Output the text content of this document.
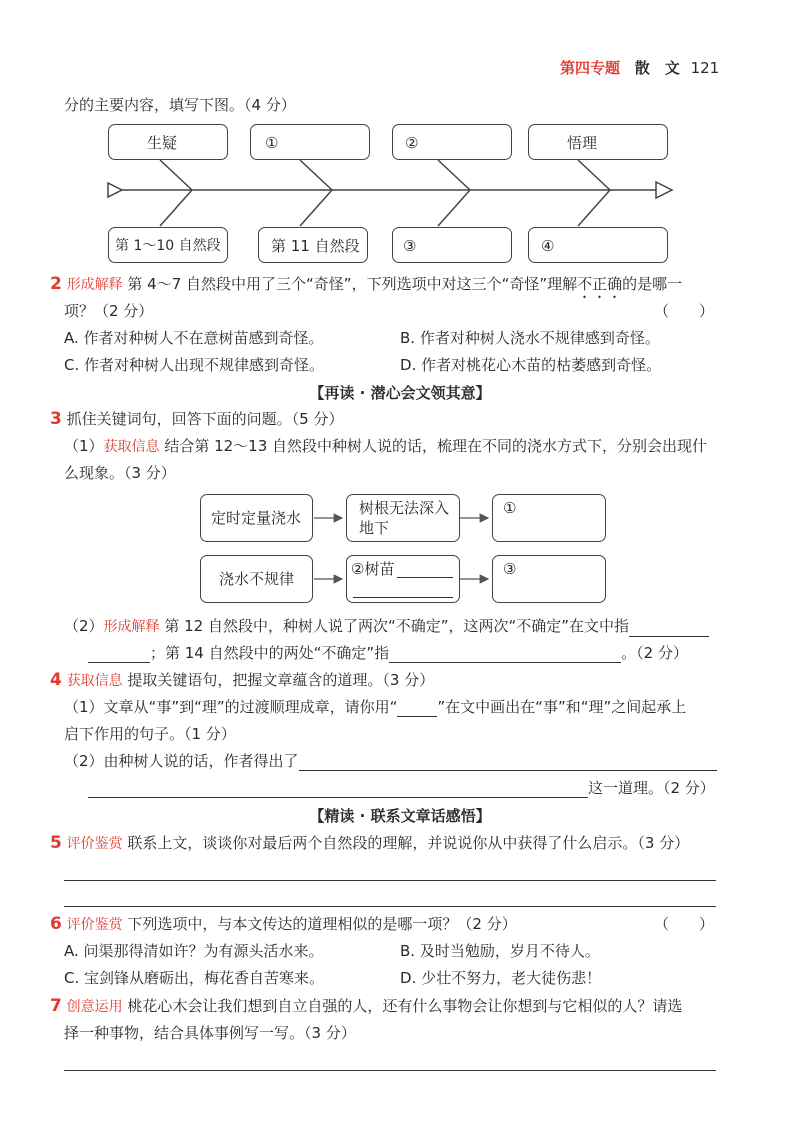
第四专题 散　文 121
分的主要内容，填写下图。（4 分）
生疑	①	②	悟理
第 1～10 自然段	第 11 自然段	③	④
2 形成解释 第 4～7 自然段中用了三个“奇怪”，下列选项中对这三个“奇怪”理解不正确的是哪一
项？（2 分）	（　　）
A. 作者对种树人不在意树苗感到奇怪。	B. 作者对种树人浇水不规律感到奇怪。
C. 作者对种树人出现不规律感到奇怪。	D. 作者对桃花心木苗的枯萎感到奇怪。
【再读 · 潜心会文领其意】
3 抓住关键词句，回答下面的问题。（5 分）
（1）获取信息 结合第 12～13 自然段中种树人说的话，梳理在不同的浇水方式下，分别会出现什
么现象。（3 分）
定时定量浇水
树根无法深入地下
①
浇水不规律
②树苗	③
（2）形成解释 第 12 自然段中，种树人说了两次“不确定”，这两次“不确定”在文中指
；第 14 自然段中的两处“不确定”指	。（2 分）
4 获取信息 提取关键语句，把握文章蕴含的道理。（3 分）
（1）文章从“事”到“理”的过渡顺理成章，请你用“	”在文中画出在“事”和“理”之间起承上
启下作用的句子。（1 分）
（2）由种树人说的话，作者得出了
这一道理。（2 分）
【精读 · 联系文章话感悟】
5 评价鉴赏 联系上文，谈谈你对最后两个自然段的理解，并说说你从中获得了什么启示。（3 分）
6 评价鉴赏 下列选项中，与本文传达的道理相似的是哪一项？（2 分）	（　　）
A. 问渠那得清如许？为有源头活水来。	B. 及时当勉励，岁月不待人。
C. 宝剑锋从磨砺出，梅花香自苦寒来。	D. 少壮不努力，老大徒伤悲！
7 创意运用 桃花心木会让我们想到自立自强的人，还有什么事物会让你想到与它相似的人？请选
择一种事物，结合具体事例写一写。（3 分）
